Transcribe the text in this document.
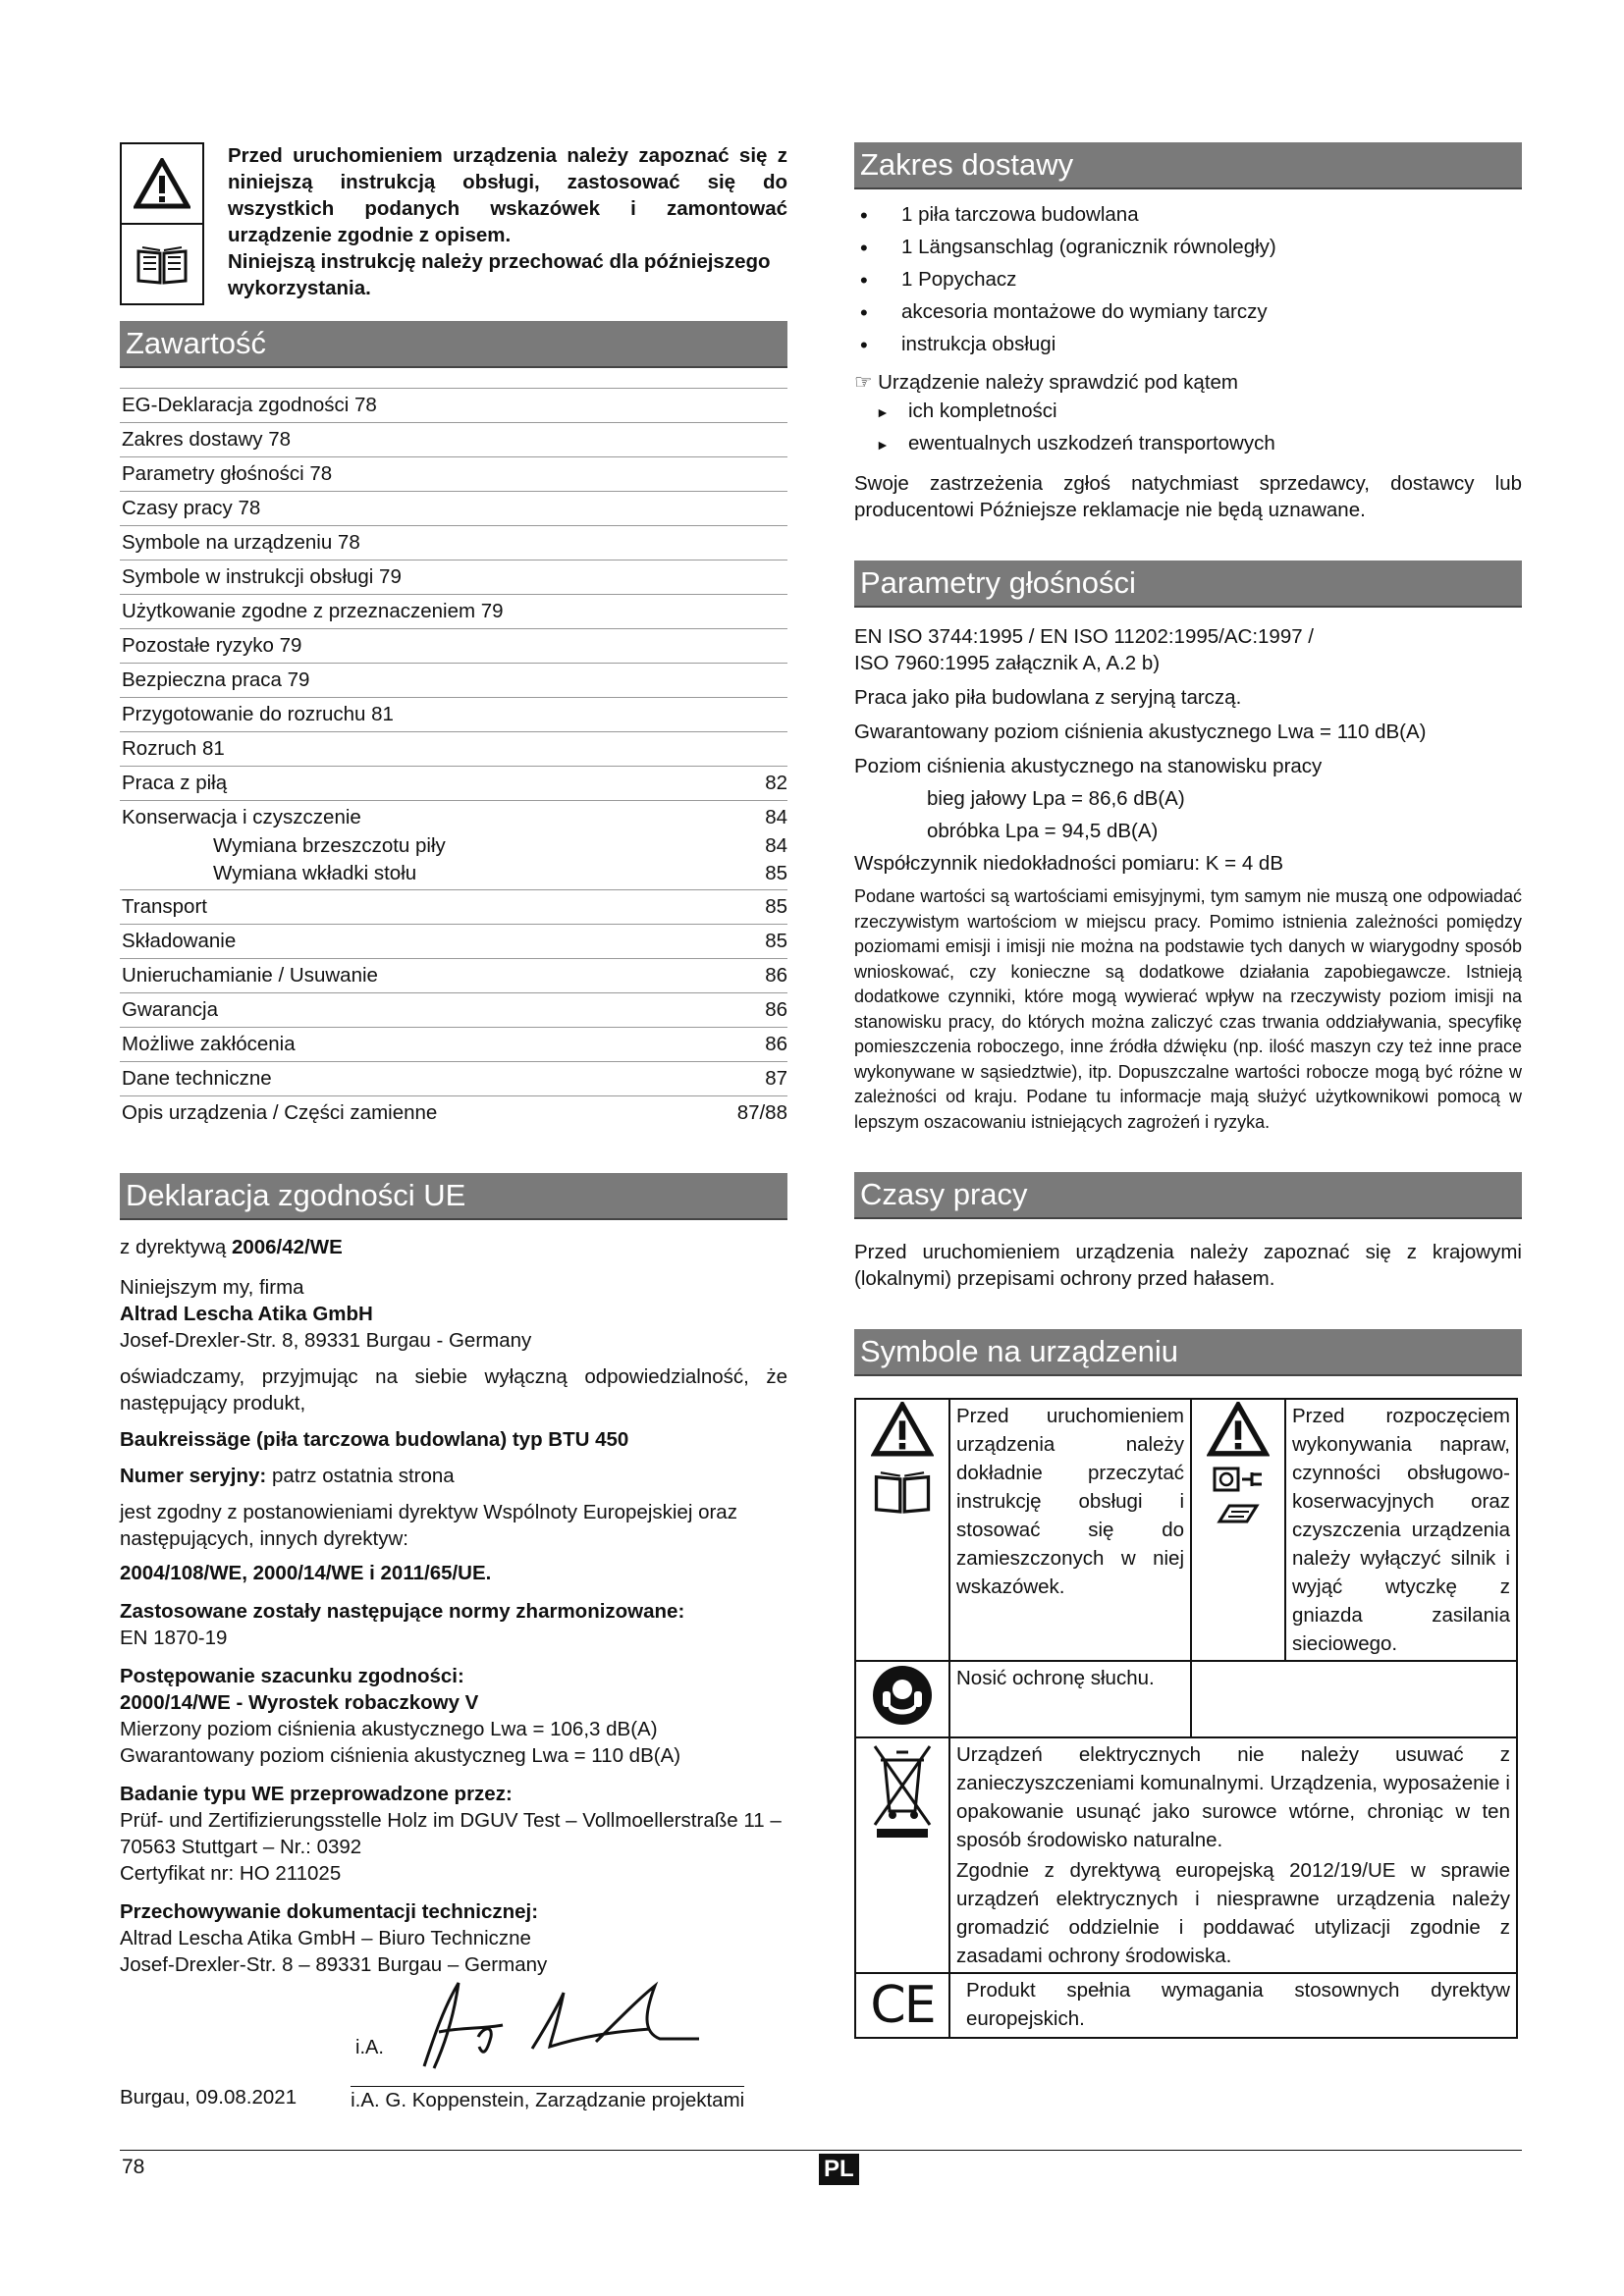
Przed uruchomieniem urządzenia należy zapoznać się z niniejszą instrukcją obsługi, zastosować się do wszystkich podanych wskazówek i zamontować urządzenie zgodnie z opisem.

Niniejszą instrukcję należy przechować dla późniejszego wykorzystania.

Zawartość
EG-Deklaracja zgodności 78
Zakres dostawy 78
Parametry głośności 78
Czasy pracy 78
Symbole na urządzeniu 78
Symbole w instrukcji obsługi 79
Użytkowanie zgodne z przeznaczeniem 79
Pozostałe ryzyko 79
Bezpieczna praca 79
Przygotowanie do rozruchu 81
Rozruch 81
Praca z piłą	82
Konserwacja i czyszczenie	84
Wymiana brzeszczotu piły	84
Wymiana wkładki stołu	85
Transport	85
Składowanie	85
Unieruchamianie / Usuwanie	86
Gwarancja	86
Możliwe zakłócenia	86
Dane techniczne	87
Opis urządzenia / Części zamienne	87/88
Deklaracja zgodności UE

z dyrektywą 2006/42/WE

Niniejszym my, firma

Altrad Lescha Atika GmbH

Josef-Drexler-Str. 8, 89331 Burgau - Germany

oświadczamy, przyjmując na siebie wyłączną odpowiedzialność, że następujący produkt,

Baukreissäge (piła tarczowa budowlana) typ BTU 450

Numer seryjny: patrz ostatnia strona

jest zgodny z postanowieniami dyrektyw Wspólnoty Europejskiej oraz następujących, innych dyrektyw:

2004/108/WE, 2000/14/WE i 2011/65/UE.

Zastosowane zostały następujące normy zharmonizowane:

EN 1870-19

Postępowanie szacunku zgodności:

2000/14/WE - Wyrostek robaczkowy V

Mierzony poziom ciśnienia akustycznego Lwa = 106,3 dB(A)

Gwarantowany poziom ciśnienia akustyczneg Lwa = 110 dB(A)

Badanie typu WE przeprowadzone przez:

Prüf- und Zertifizierungsstelle Holz im DGUV Test – Vollmoellerstraße 11 – 70563 Stuttgart – Nr.: 0392

Certyfikat nr: HO 211025

Przechowywanie dokumentacji technicznej:

Altrad Lescha Atika GmbH – Biuro Techniczne

Josef-Drexler-Str. 8 – 89331 Burgau – Germany

i.A.
Burgau, 09.08.2021	i.A. G. Koppenstein, Zarządzanie projektami
Zakres dostawy
• 1 piła tarczowa budowlana
• 1 Längsanschlag (ogranicznik równoległy)
• 1 Popychacz
• akcesoria montażowe do wymiany tarczy
• instrukcja obsługi

☞ Urządzenie należy sprawdzić pod kątem

► ich kompletności
► ewentualnych uszkodzeń transportowych

Swoje zastrzeżenia zgłoś natychmiast sprzedawcy, dostawcy lub producentowi Późniejsze reklamacje nie będą uznawane.

Parametry głośności

EN ISO 3744:1995 / EN ISO 11202:1995/AC:1997 /

ISO 7960:1995 załącznik A, A.2 b)

Praca jako piła budowlana z seryjną tarczą.

Gwarantowany poziom ciśnienia akustycznego Lwa = 110 dB(A)

Poziom ciśnienia akustycznego na stanowisku pracy

bieg jałowy Lpa = 86,6 dB(A)

obróbka Lpa = 94,5 dB(A)

Współczynnik niedokładności pomiaru: K = 4 dB

Podane wartości są wartościami emisyjnymi, tym samym nie muszą one odpowiadać rzeczywistym wartościom w miejscu pracy. Pomimo istnienia zależności pomiędzy poziomami emisji i imisji nie można na podstawie tych danych w wiarygodny sposób wnioskować, czy konieczne są dodatkowe działania zapobiegawcze. Istnieją dodatkowe czynniki, które mogą wywierać wpływ na rzeczywisty poziom imisji na stanowisku pracy, do których można zaliczyć czas trwania oddziaływania, specyfikę pomieszczenia roboczego, inne źródła dźwięku (np. ilość maszyn czy też inne prace wykonywane w sąsiedztwie), itp. Dopuszczalne wartości robocze mogą być różne w zależności od kraju. Podane tu informacje mają służyć użytkownikowi pomocą w lepszym oszacowaniu istniejących zagrożeń i ryzyka.

Czasy pracy

Przed uruchomieniem urządzenia należy zapoznać się z krajowymi (lokalnymi) przepisami ochrony przed hałasem.

Symbole na urządzeniu
	Przed uruchomieniem urządzenia należy dokładnie przeczytać instrukcję obsługi i stosować się do zamieszczonych w niej wskazówek.		Przed rozpoczęciem wykonywania napraw, czynności obsługowo-koserwacyjnych oraz czyszczenia urządzenia należy wyłączyć silnik i wyjąć wtyczkę z gniazda zasilania sieciowego.
	Nosić ochronę słuchu.		

Urządzeń elektrycznych nie należy usuwać z zanieczyszczeniami komunalnymi. Urządzenia, wyposażenie i opakowanie usunąć jako surowce wtórne, chroniąc w ten sposób środowisko naturalne.
Zgodnie z dyrektywą europejską 2012/19/UE w sprawie urządzeń elektrycznych i niesprawne urządzenia należy gromadzić oddzielnie i poddawać utylizacji zgodnie z zasadami ochrony środowiska.		

CE	Produkt spełnia wymagania stosownych dyrektyw europejskich.		
78	PL
